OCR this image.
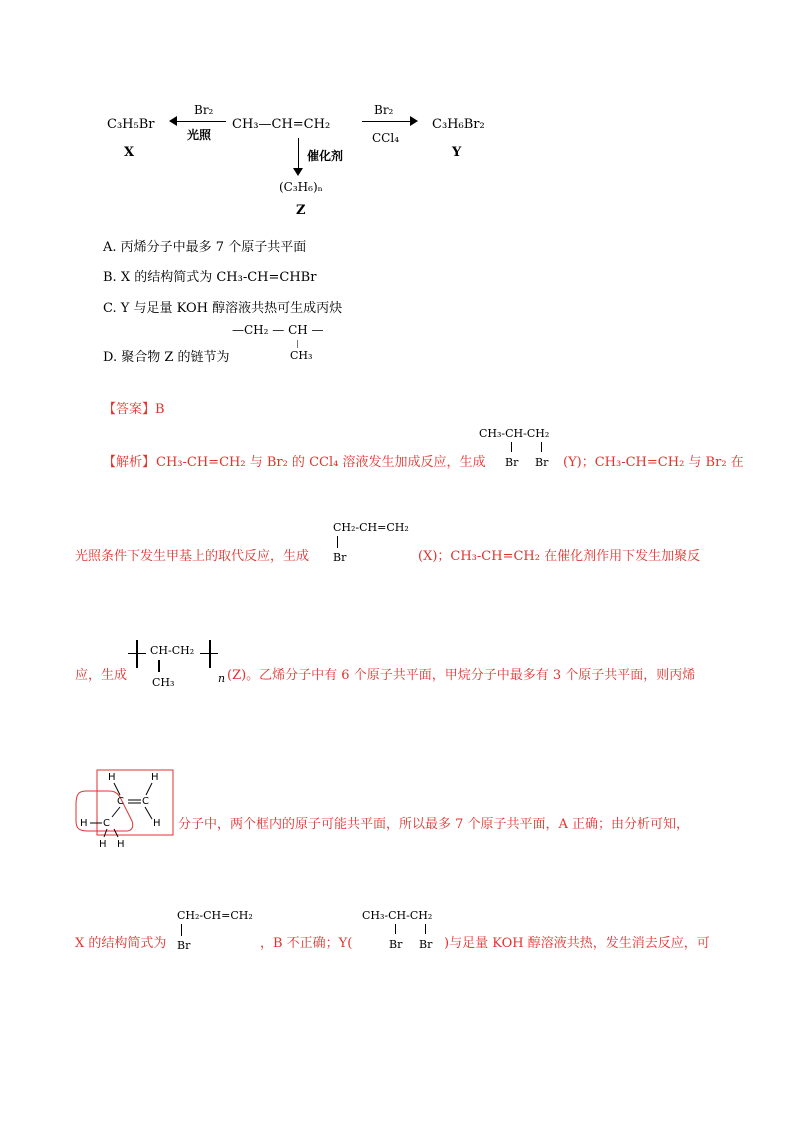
C₃H₅Br
X
Br₂
光照
CH₃—CH=CH₂
Br₂
CCl₄
C₃H₆Br₂
Y
催化剂
(C₃H₆)ₙ
Z
A. 丙烯分子中最多 7 个原子共平面
B. X 的结构简式为 CH₃-CH=CHBr
C. Y 与足量 KOH 醇溶液共热可生成丙炔
D. 聚合物 Z 的链节为
—CH₂ — CH —
CH₃
【答案】B
【解析】 CH₃-CH=CH₂ 与 Br₂ 的 CCl₄ 溶液发生加成反应，生成
CH₃-CH-CH₂
Br Br (Y)；CH₃-CH=CH₂ 与 Br₂ 在
光照条件下发生甲基上的取代反应，生成
CH₂-CH=CH₂
Br	(X)；CH₃-CH=CH₂ 在催化剂作用下发生加聚反
应，生成
CH-CH₂
CH₃	n (Z)。乙烯分子中有 6 个原子共平面，甲烷分子中最多有 3 个原子共平面，则丙烯
H	H
C C
H
H C
H H
分子中，两个框内的原子可能共平面，所以最多 7 个原子共平面，A 正确；由分析可知，
X 的结构简式为
CH₂-CH=CH₂
Br	，B 不正确；Y(
CH₃-CH-CH₂
Br Br )与足量 KOH 醇溶液共热，发生消去反应，可
